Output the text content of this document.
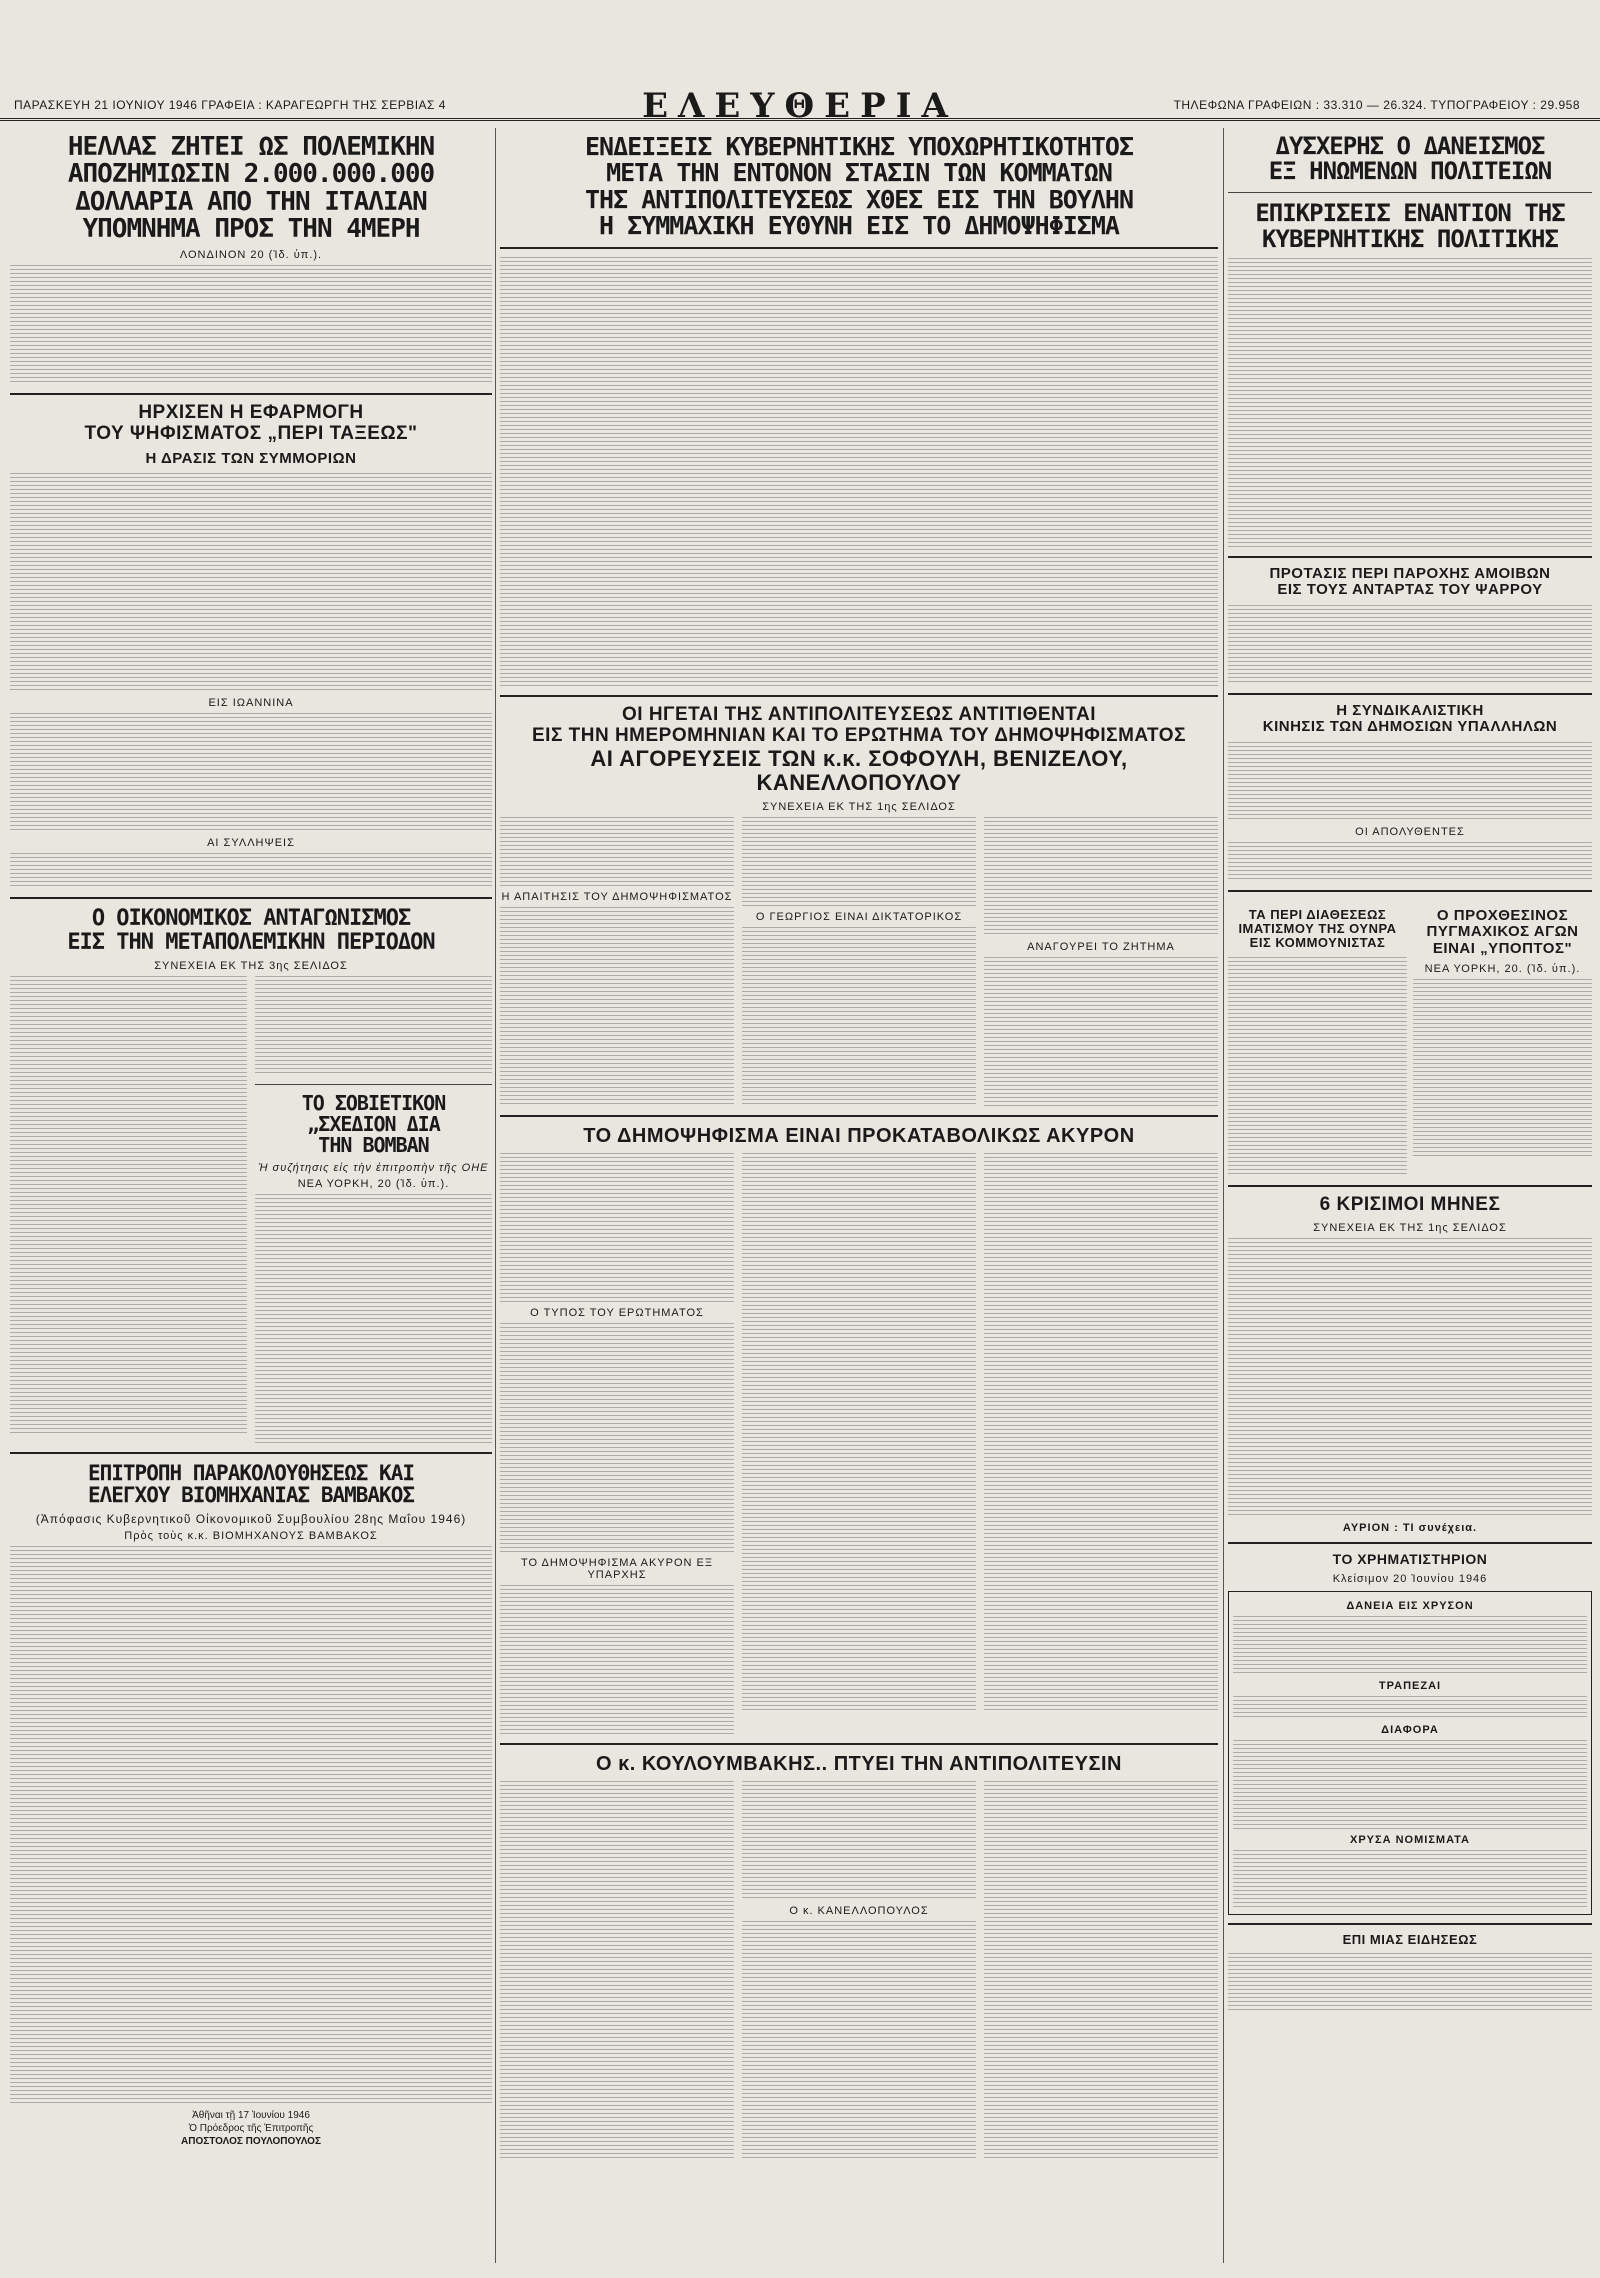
ΠΑΡΑΣΚΕΥΗ 21 ΙΟΥΝΙΟΥ 1946 ΓΡΑΦΕΙΑ : ΚΑΡΑΓΕΩΡΓΗ ΤΗΣ ΣΕΡΒΙΑΣ 4	ΕΛΕΥΘΕΡΙΑ	ΤΗΛΕΦΩΝΑ ΓΡΑΦΕΙΩΝ : 33.310 — 26.324. ΤΥΠΟΓΡΑΦΕΙΟΥ : 29.958
ΗΕΛΛΑΣ ΖΗΤΕΙ ΩΣ ΠΟΛΕΜΙΚΗΝ
ΑΠΟΖΗΜΙΩΣΙΝ 2.000.000.000
ΔΟΛΛΑΡΙΑ ΑΠΟ ΤΗΝ ΙΤΑΛΙΑΝ
ΥΠΟΜΝΗΜΑ ΠΡΟΣ ΤΗΝ 4ΜΕΡΗ
ΛΟΝΔΙΝΟΝ 20 (Ἰδ. ὑπ.).
ΗΡΧΙΣΕΝ Η ΕΦΑΡΜΟΓΗ
ΤΟΥ ΨΗΦΙΣΜΑΤΟΣ „ΠΕΡΙ ΤΑΞΕΩΣ"
Η ΔΡΑΣΙΣ ΤΩΝ ΣΥΜΜΟΡΙΩΝ
ΕΙΣ ΙΩΑΝΝΙΝΑ
ΑΙ ΣΥΛΛΗΨΕΙΣ
Ο ΟΙΚΟΝΟΜΙΚΟΣ ΑΝΤΑΓΩΝΙΣΜΟΣ
ΕΙΣ ΤΗΝ ΜΕΤΑΠΟΛΕΜΙΚΗΝ ΠΕΡΙΟΔΟΝ
ΣΥΝΕΧΕΙΑ ΕΚ ΤΗΣ 3ης ΣΕΛΙΔΟΣ
ΤΟ ΣΟΒΙΕΤΙΚΟΝ
„ΣΧΕΔΙΟΝ ΔΙΑ
ΤΗΝ ΒΟΜΒΑΝ
Ἡ συζήτησις εἰς τὴν ἐπιτροπὴν τῆς ΟΗΕ
ΝΕΑ ΥΟΡΚΗ, 20 (Ἰδ. ὑπ.).
ΕΠΙΤΡΟΠΗ ΠΑΡΑΚΟΛΟΥΘΗΣΕΩΣ ΚΑΙ
ΕΛΕΓΧΟΥ ΒΙΟΜΗΧΑΝΙΑΣ ΒΑΜΒΑΚΟΣ
(Ἀπόφασις Κυβερνητικοῦ Οἰκονομικοῦ Συμβουλίου 28ης Μαΐου 1946)
Πρὸς τοὺς κ.κ. ΒΙΟΜΗΧΑΝΟΥΣ ΒΑΜΒΑΚΟΣ
Ἀθῆναι τῇ 17 Ἰουνίου 1946
Ὁ Πρόεδρος τῆς Ἐπιτροπῆς
ΑΠΟΣΤΟΛΟΣ ΠΟΥΛΟΠΟΥΛΟΣ
ΕΝΔΕΙΞΕΙΣ ΚΥΒΕΡΝΗΤΙΚΗΣ ΥΠΟΧΩΡΗΤΙΚΟΤΗΤΟΣ
ΜΕΤΑ ΤΗΝ ΕΝΤΟΝΟΝ ΣΤΑΣΙΝ ΤΩΝ ΚΟΜΜΑΤΩΝ
ΤΗΣ ΑΝΤΙΠΟΛΙΤΕΥΣΕΩΣ ΧΘΕΣ ΕΙΣ ΤΗΝ ΒΟΥΛΗΝ
Η ΣΥΜΜΑΧΙΚΗ ΕΥΘΥΝΗ ΕΙΣ ΤΟ ΔΗΜΟΨΗΦΙΣΜΑ
ΟΙ ΗΓΕΤΑΙ ΤΗΣ ΑΝΤΙΠΟΛΙΤΕΥΣΕΩΣ ΑΝΤΙΤΙΘΕΝΤΑΙ
ΕΙΣ ΤΗΝ ΗΜΕΡΟΜΗΝΙΑΝ ΚΑΙ ΤΟ ΕΡΩΤΗΜΑ ΤΟΥ ΔΗΜΟΨΗΦΙΣΜΑΤΟΣ
ΑΙ ΑΓΟΡΕΥΣΕΙΣ ΤΩΝ κ.κ. ΣΟΦΟΥΛΗ, ΒΕΝΙΖΕΛΟΥ, ΚΑΝΕΛΛΟΠΟΥΛΟΥ
ΣΥΝΕΧΕΙΑ ΕΚ ΤΗΣ 1ης ΣΕΛΙΔΟΣ
Η ΑΠΑΙΤΗΣΙΣ ΤΟΥ ΔΗΜΟΨΗΦΙΣΜΑΤΟΣ
Ο ΓΕΩΡΓΙΟΣ ΕΙΝΑΙ ΔΙΚΤΑΤΟΡΙΚΟΣ
ΑΝΑΓΟΥΡΕΙ ΤΟ ΖΗΤΗΜΑ
ΤΟ ΔΗΜΟΨΗΦΙΣΜΑ ΕΙΝΑΙ ΠΡΟΚΑΤΑΒΟΛΙΚΩΣ ΑΚΥΡΟΝ
Ο ΤΥΠΟΣ ΤΟΥ ΕΡΩΤΗΜΑΤΟΣ
ΤΟ ΔΗΜΟΨΗΦΙΣΜΑ ΑΚΥΡΟΝ ΕΞ ΥΠΑΡΧΗΣ
Ο κ. ΚΟΥΛΟΥΜΒΑΚΗΣ.. ΠΤΥΕΙ ΤΗΝ ΑΝΤΙΠΟΛΙΤΕΥΣΙΝ
Ο κ. ΚΑΝΕΛΛΟΠΟΥΛΟΣ
ΔΥΣΧΕΡΗΣ Ο ΔΑΝΕΙΣΜΟΣ
ΕΞ ΗΝΩΜΕΝΩΝ ΠΟΛΙΤΕΙΩΝ
ΕΠΙΚΡΙΣΕΙΣ ΕΝΑΝΤΙΟΝ ΤΗΣ
ΚΥΒΕΡΝΗΤΙΚΗΣ ΠΟΛΙΤΙΚΗΣ
ΠΡΟΤΑΣΙΣ ΠΕΡΙ ΠΑΡΟΧΗΣ ΑΜΟΙΒΩΝ
ΕΙΣ ΤΟΥΣ ΑΝΤΑΡΤΑΣ ΤΟΥ ΨΑΡΡΟΥ
Η ΣΥΝΔΙΚΑΛΙΣΤΙΚΗ
ΚΙΝΗΣΙΣ ΤΩΝ ΔΗΜΟΣΙΩΝ ΥΠΑΛΛΗΛΩΝ
ΟΙ ΑΠΟΛΥΘΕΝΤΕΣ
ΤΑ ΠΕΡΙ ΔΙΑΘΕΣΕΩΣ
ΙΜΑΤΙΣΜΟΥ ΤΗΣ ΟΥΝΡΑ
ΕΙΣ ΚΟΜΜΟΥΝΙΣΤΑΣ
Ο ΠΡΟΧΘΕΣΙΝΟΣ
ΠΥΓΜΑΧΙΚΟΣ ΑΓΩΝ
ΕΙΝΑΙ „ΥΠΟΠΤΟΣ"
ΝΕΑ ΥΟΡΚΗ, 20. (Ἰδ. ὑπ.).
6 ΚΡΙΣΙΜΟΙ ΜΗΝΕΣ
ΣΥΝΕΧΕΙΑ ΕΚ ΤΗΣ 1ης ΣΕΛΙΔΟΣ
ΑΥΡΙΟΝ : ΤΙ συνέχεια.
ΤΟ ΧΡΗΜΑΤΙΣΤΗΡΙΟΝ
Κλείσιμον 20 Ἰουνίου 1946
ΔΑΝΕΙΑ ΕΙΣ ΧΡΥΣΟΝ
ΤΡΑΠΕΖΑΙ
ΔΙΑΦΟΡΑ
ΧΡΥΣΑ ΝΟΜΙΣΜΑΤΑ
ΕΠΙ ΜΙΑΣ ΕΙΔΗΣΕΩΣ
